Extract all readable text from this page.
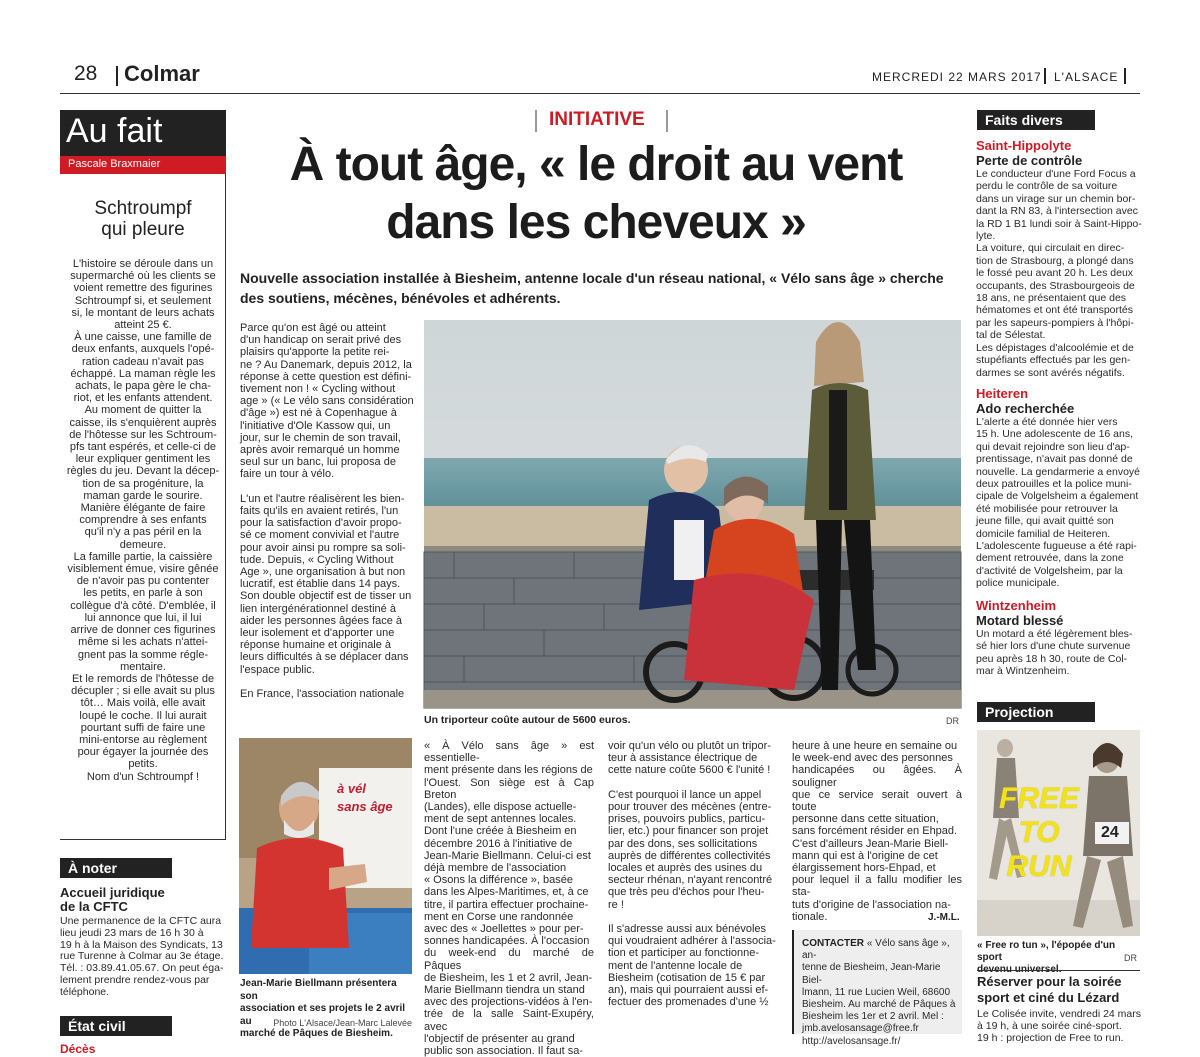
28 Colmar	MERCREDI 22 MARS 2017 L'ALSACE
Au fait
Pascale Braxmaier
Schtroumpf
qui pleure
L'histoire se déroule dans un
supermarché où les clients se
voient remettre des figurines
Schtroumpf si, et seulement
si, le montant de leurs achats
atteint 25 €.
À une caisse, une famille de
deux enfants, auxquels l'opé-
ration cadeau n'avait pas
échappé. La maman règle les
achats, le papa gère le cha-
riot, et les enfants attendent.
Au moment de quitter la
caisse, ils s'enquièrent auprès
de l'hôtesse sur les Schtroum-
pfs tant espérés, et celle-ci de
leur expliquer gentiment les
règles du jeu. Devant la décep-
tion de sa progéniture, la
maman garde le sourire.
Manière élégante de faire
comprendre à ses enfants
qu'il n'y a pas péril en la
demeure.
La famille partie, la caissière
visiblement émue, visire gênée
de n'avoir pas pu contenter
les petits, en parle à son
collègue d'à côté. D'emblée, il
lui annonce que lui, il lui
arrive de donner ces figurines
même si les achats n'attei-
gnent pas la somme régle-
mentaire.
Et le remords de l'hôtesse de
décupler ; si elle avait su plus
tôt… Mais voilà, elle avait
loupé le coche. Il lui aurait
pourtant suffi de faire une
mini-entorse au règlement
pour égayer la journée des
petits.
Nom d'un Schtroumpf !
À noter
Accueil juridique
de la CFTC
Une permanence de la CFTC aura
lieu jeudi 23 mars de 16 h 30 à
19 h à la Maison des Syndicats, 13
rue Turenne à Colmar au 3e étage.
Tél. : 03.89.41.05.67. On peut éga-
lement prendre rendez-vous par
téléphone.
État civil
Décès
INITIATIVE
À tout âge, « le droit au vent
dans les cheveux »
Nouvelle association installée à Biesheim, antenne locale d'un réseau national, « Vélo sans âge » cherche
des soutiens, mécènes, bénévoles et adhérents.
Parce qu'on est âgé ou atteint
d'un handicap on serait privé des
plaisirs qu'apporte la petite rei-
ne ? Au Danemark, depuis 2012, la
réponse à cette question est défini-
tivement non ! « Cycling without
age » (« Le vélo sans considération
d'âge ») est né à Copenhague à
l'initiative d'Ole Kassow qui, un
jour, sur le chemin de son travail,
après avoir remarqué un homme
seul sur un banc, lui proposa de
faire un tour à vélo.

L'un et l'autre réalisèrent les bien-
faits qu'ils en avaient retirés, l'un
pour la satisfaction d'avoir propo-
sé ce moment convivial et l'autre
pour avoir ainsi pu rompre sa soli-
tude. Depuis, « Cycling Without
Age », une organisation à but non
lucratif, est établie dans 14 pays.
Son double objectif est de tisser un
lien intergénérationnel destiné à
aider les personnes âgées face à
leur isolement et d'apporter une
réponse humaine et originale à
leurs difficultés à se déplacer dans
l'espace public.

En France, l'association nationale
Un triporteur coûte autour de 5600 euros.	DR
à vél
sans âge
Jean-Marie Biellmann présentera son
association et ses projets le 2 avril au
marché de Pâques de Biesheim.
Photo L'Alsace/Jean-Marc Lalevée
« À Vélo sans âge » est essentielle-
ment présente dans les régions de
l'Ouest. Son siège est à Cap Breton
(Landes), elle dispose actuelle-
ment de sept antennes locales.
Dont l'une créée à Biesheim en
décembre 2016 à l'initiative de
Jean-Marie Biellmann. Celui-ci est
déjà membre de l'association
« Osons la différence », basée
dans les Alpes-Maritimes, et, à ce
titre, il partira effectuer prochaine-
ment en Corse une randonnée
avec des « Joellettes » pour per-
sonnes handicapées. À l'occasion
du week-end du marché de Pâques
de Biesheim, les 1 et 2 avril, Jean-
Marie Biellmann tiendra un stand
avec des projections-vidéos à l'en-
trée de la salle Saint-Exupéry, avec
l'objectif de présenter au grand
public son association. Il faut sa-
voir qu'un vélo ou plutôt un tripor-
teur à assistance électrique de
cette nature coûte 5600 € l'unité !

C'est pourquoi il lance un appel
pour trouver des mécènes (entre-
prises, pouvoirs publics, particu-
lier, etc.) pour financer son projet
par des dons, ses sollicitations
auprès de différentes collectivités
locales et auprès des usines du
secteur rhénan, n'ayant rencontré
que très peu d'échos pour l'heu-
re !

Il s'adresse aussi aux bénévoles
qui voudraient adhérer à l'associa-
tion et participer au fonctionne-
ment de l'antenne locale de
Biesheim (cotisation de 15 € par
an), mais qui pourraient aussi ef-
fectuer des promenades d'une ½
heure à une heure en semaine ou
le week-end avec des personnes
handicapées ou âgées. À souligner
que ce service serait ouvert à toute
personne dans cette situation,
sans forcément résider en Ehpad.
C'est d'ailleurs Jean-Marie Biell-
mann qui est à l'origine de cet
élargissement hors-Ehpad, et
pour lequel il a fallu modifier les sta-
tuts d'origine de l'association na-
tionale.	J.-M.L.
CONTACTER « Vélo sans âge », an-
tenne de Biesheim, Jean-Marie Biel-
lmann, 11 rue Lucien Weil, 68600
Biesheim. Au marché de Pâques à
Biesheim les 1er et 2 avril. Mel :
jmb.avelosansage@free.fr
http://avelosansage.fr/
Faits divers
Saint-Hippolyte
Perte de contrôle
Le conducteur d'une Ford Focus a
perdu le contrôle de sa voiture
dans un virage sur un chemin bor-
dant la RN 83, à l'intersection avec
la RD 1 B1 lundi soir à Saint-Hippo-
lyte.
La voiture, qui circulait en direc-
tion de Strasbourg, a plongé dans
le fossé peu avant 20 h. Les deux
occupants, des Strasbourgeois de
18 ans, ne présentaient que des
hématomes et ont été transportés
par les sapeurs-pompiers à l'hôpi-
tal de Sélestat.
Les dépistages d'alcoolémie et de
stupéfiants effectués par les gen-
darmes se sont avérés négatifs.
Heiteren
Ado recherchée
L'alerte a été donnée hier vers
15 h. Une adolescente de 16 ans,
qui devait rejoindre son lieu d'ap-
prentissage, n'avait pas donné de
nouvelle. La gendarmerie a envoyé
deux patrouilles et la police muni-
cipale de Volgelsheim a également
été mobilisée pour retrouver la
jeune fille, qui avait quitté son
domicile familial de Heiteren.
L'adolescente fugueuse a été rapi-
dement retrouvée, dans la zone
d'activité de Volgelsheim, par la
police municipale.
Wintzenheim
Motard blessé
Un motard a été légèrement bles-
sé hier lors d'une chute survenue
peu après 18 h 30, route de Col-
mar à Wintzenheim.
Projection
FREE
TO
RUN
24
« Free ro tun », l'épopée d'un sport	DR
Réserver pour la soirée
sport et ciné du Lézard
Le Colisée invite, vendredi 24 mars
à 19 h, à une soirée ciné-sport.
19 h : projection de Free to run.
